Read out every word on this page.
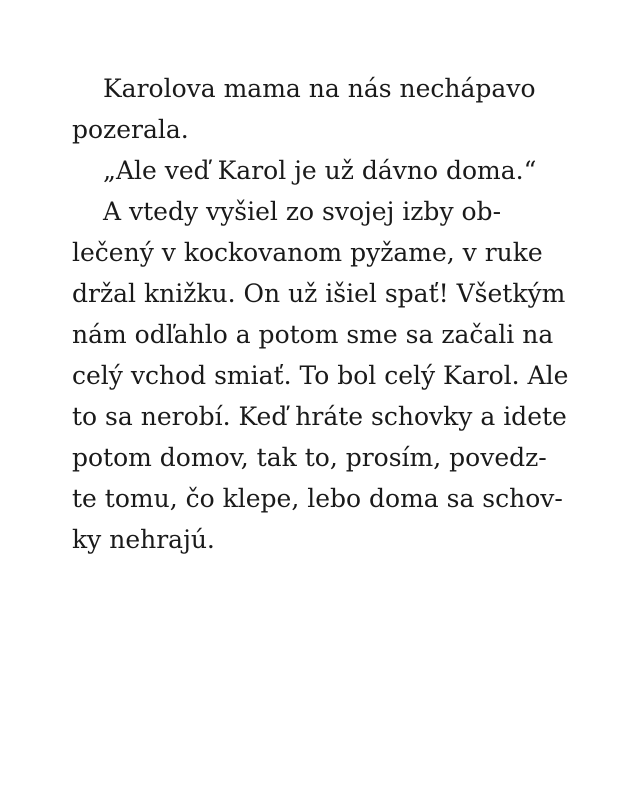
Karolova mama na nás nechápavo
pozerala.
„Ale veď Karol je už dávno doma.“
A vtedy vyšiel zo svojej izby ob-
lečený v kockovanom pyžame, v ruke
držal knižku. On už išiel spať! Všetkým
nám odľahlo a potom sme sa začali na
celý vchod smiať. To bol celý Karol. Ale
to sa nerobí. Keď hráte schovky a idete
potom domov, tak to, prosím, povedz-
te tomu, čo klepe, lebo doma sa schov-
ky nehrajú.
